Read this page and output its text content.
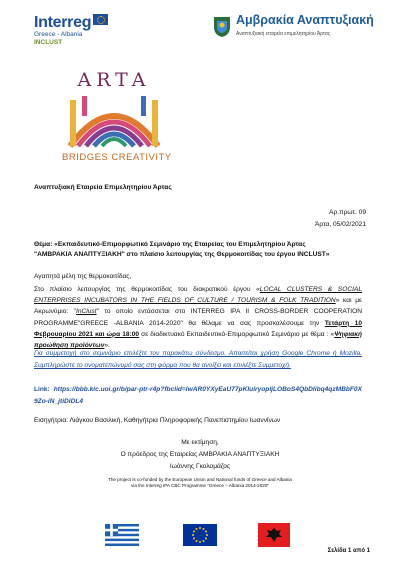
Interreg
Greece - Albania
INCLUST
Αμβρακία Αναπτυξιακή
Αναπτυξιακή εταιρεία επιμελητηρίου Άρτας
ARTA
BRIDGES CREATIVITY
Αναπτυξιακή Εταιρεία Επιμελητηρίου Άρτας
Αρ.πρωτ. 09
Άρτα, 05/02/2021
Θέμα: «Εκπαιδευτικό-Επιμορφωτικό Σεμινάριο της Εταιρείας του Επιμελητηρίου Άρτας
"ΑΜΒΡΑΚΙΑ ΑΝΑΠΤΥΞΙΑΚΗ" στο πλαίσιο λειτουργίας της Θερμοκοιτίδας του έργου INCLUST»
Αγαπητά μέλη της θερμοκοιτίδας,
Στο πλαίσιο λειτουργίας της θερμοκοιτίδας του διακρατικού έργου «LOCAL CLUSTERS & SOCIAL ENTERPRISES INCUBATORS IN THE FIELDS OF CULTURE / TOURISM & FOLK TRADITION» και με Ακρωνύμιο: "InClust" το οποίο εντάσσεται στο INTERREG IPA II CROSS-BORDER COOPERATION PROGRAMME"GREECE -ALBANIA 2014-2020" θα θέλαμε να σας προσκαλέσουμε την Τετάρτη 10 Φεβρουαρίου 2021 και ώρα 18:00 σε διαδικτυακό Εκπαιδευτικό-Επιμορφωτικό Σεμινάριο με θέμα : «Ψηφιακή προώθηση προϊόντων».
Για συμμετοχή στο σεμινάριο επιλέξτε τον παρακάτω σύνδεσμο. Απαιτείται χρήση Google Chrome ή Mozilla. Συμπληρώστε το ονοματεπώνυμό σας στη φόρμα που θα ανοίξει και επιλέξτε Συμμετοχή.
Link: https://bbb.kic.uoi.gr/b/par-ptr-r4p?fbclid=IwAR0YXyEaU77pKluiryopljLOBoS4QbDIibq4qzMBbF0X9Zo-iN_jtiDiDL4
Εισηγήτρια: Λιάγκου Βασιλική, Καθηγήτρια Πληροφορικής Πανεπιστημίου Ιωαννίνων
Με εκτίμηση,
Ο πρόεδρος της Εταιρείας ΑΜΒΡΑΚΙΑ ΑΝΑΠΤΥΞΙΑΚΗ
Ιωάννης Γκολομάζος
The project is co-funded by the European Union and National funds of Greece and Albania
via the Interreg IPA CBC Programme "Greece – Albania 2014-2020"
Σελίδα 1 από 1
